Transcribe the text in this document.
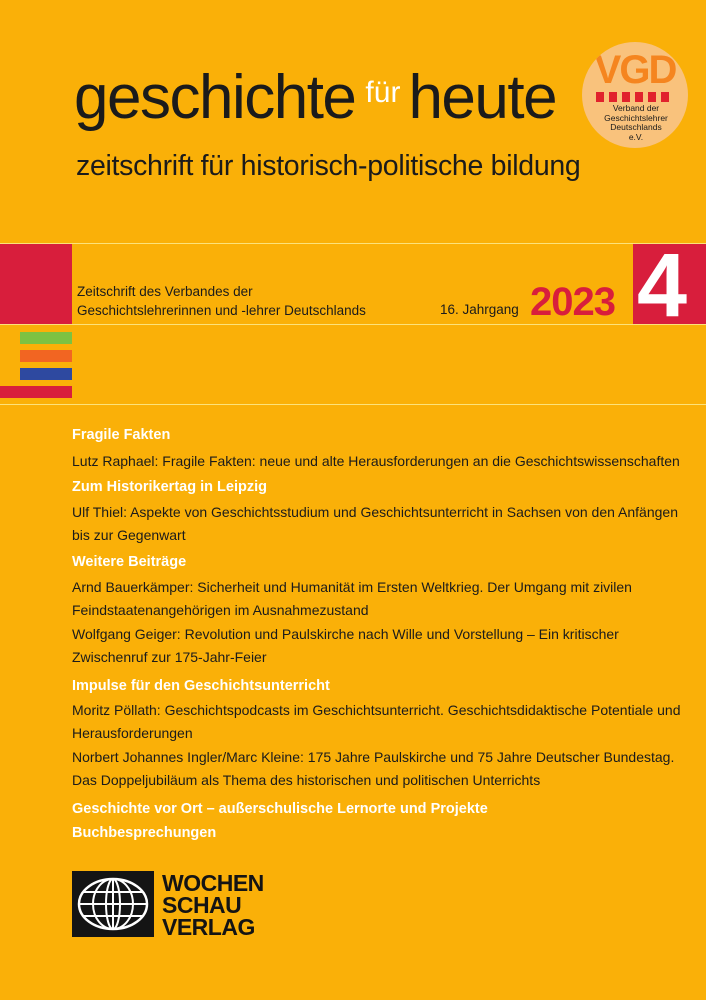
geschichte für heute
zeitschrift für historisch-politische bildung
VGD
Verband der
Geschichtslehrer
Deutschlands
e.V.
4
Zeitschrift des Verbandes der
Geschichtslehrerinnen und -lehrer Deutschlands	16. Jahrgang 2023
Fragile Fakten
Lutz Raphael: Fragile Fakten: neue und alte Herausforderungen an die Geschichtswissenschaften
Zum Historikertag in Leipzig
Ulf Thiel: Aspekte von Geschichtsstudium und Geschichtsunterricht in Sachsen von den Anfängen bis zur Gegenwart
Weitere Beiträge
Arnd Bauerkämper: Sicherheit und Humanität im Ersten Weltkrieg. Der Umgang mit zivilen Feindstaatenangehörigen im Ausnahmezustand
Wolfgang Geiger: Revolution und Paulskirche nach Wille und Vorstellung – Ein kritischer Zwischenruf zur 175-Jahr-Feier
Impulse für den Geschichtsunterricht
Moritz Pöllath: Geschichtspodcasts im Geschichtsunterricht. Geschichtsdidaktische Potentiale und Herausforderungen
Norbert Johannes Ingler/Marc Kleine: 175 Jahre Paulskirche und 75 Jahre Deutscher Bundestag. Das Doppeljubiläum als Thema des historischen und politischen Unterrichts
Geschichte vor Ort – außerschulische Lernorte und Projekte
Buchbesprechungen
WOCHEN
SCHAU
VERLAG
